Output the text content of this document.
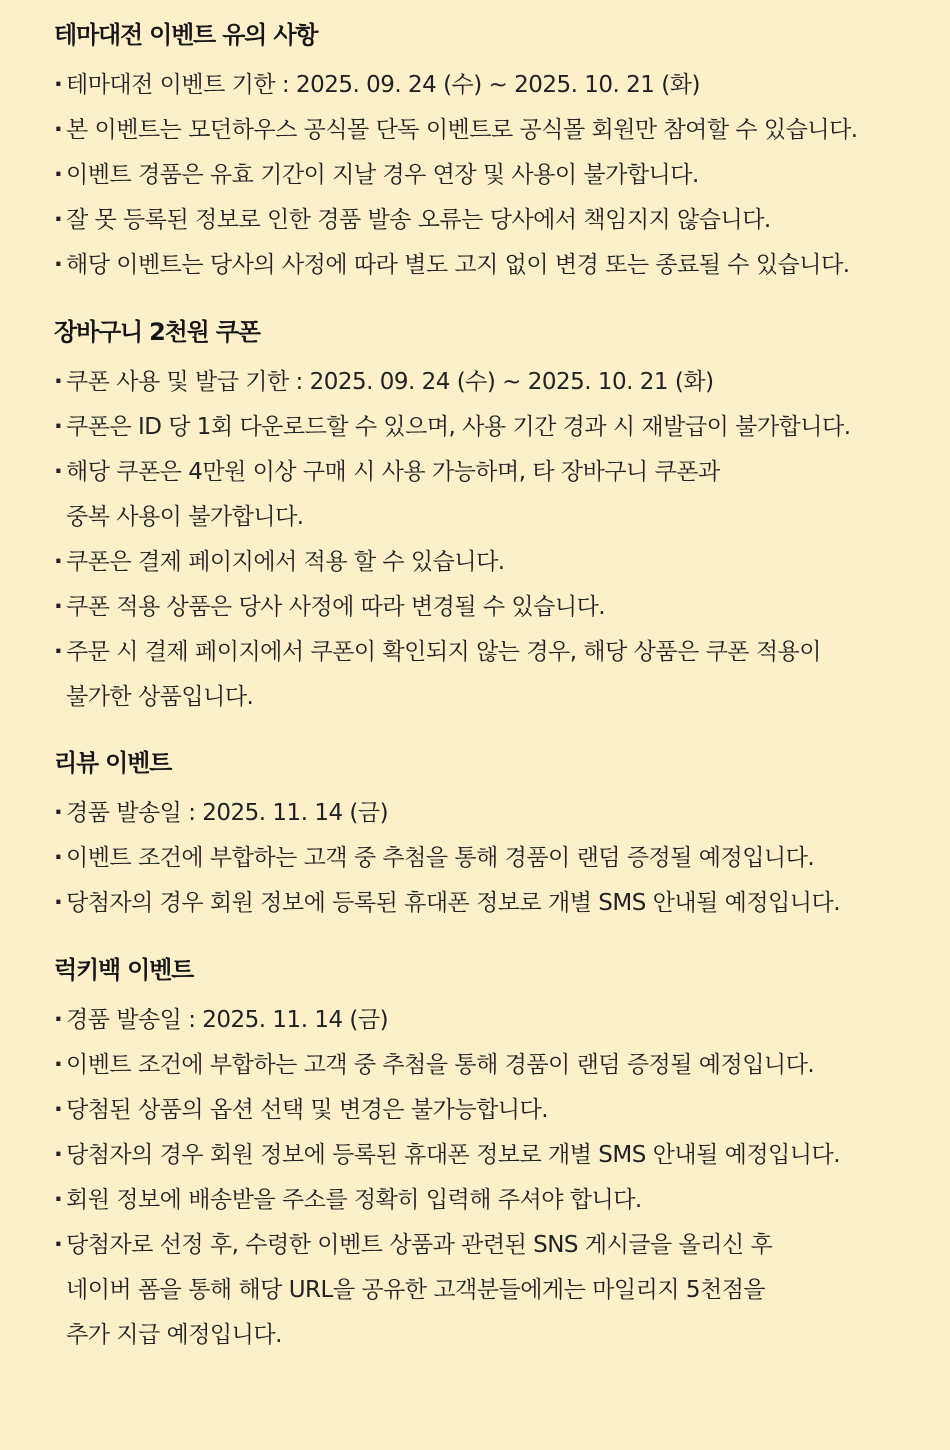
테마대전 이벤트 유의 사항
· 테마대전 이벤트 기한 : 2025. 09. 24 (수) ~ 2025. 10. 21 (화)
· 본 이벤트는 모던하우스 공식몰 단독 이벤트로 공식몰 회원만 참여할 수 있습니다.
· 이벤트 경품은 유효 기간이 지날 경우 연장 및 사용이 불가합니다.
· 잘 못 등록된 정보로 인한 경품 발송 오류는 당사에서 책임지지 않습니다.
· 해당 이벤트는 당사의 사정에 따라 별도 고지 없이 변경 또는 종료될 수 있습니다.
장바구니 2천원 쿠폰
· 쿠폰 사용 및 발급 기한 : 2025. 09. 24 (수) ~ 2025. 10. 21 (화)
· 쿠폰은 ID 당 1회 다운로드할 수 있으며, 사용 기간 경과 시 재발급이 불가합니다.
· 해당 쿠폰은 4만원 이상 구매 시 사용 가능하며, 타 장바구니 쿠폰과
중복 사용이 불가합니다.
· 쿠폰은 결제 페이지에서 적용 할 수 있습니다.
· 쿠폰 적용 상품은 당사 사정에 따라 변경될 수 있습니다.
· 주문 시 결제 페이지에서 쿠폰이 확인되지 않는 경우, 해당 상품은 쿠폰 적용이
불가한 상품입니다.
리뷰 이벤트
· 경품 발송일 : 2025. 11. 14 (금)
· 이벤트 조건에 부합하는 고객 중 추첨을 통해 경품이 랜덤 증정될 예정입니다.
· 당첨자의 경우 회원 정보에 등록된 휴대폰 정보로 개별 SMS 안내될 예정입니다.
럭키백 이벤트
· 경품 발송일 : 2025. 11. 14 (금)
· 이벤트 조건에 부합하는 고객 중 추첨을 통해 경품이 랜덤 증정될 예정입니다.
· 당첨된 상품의 옵션 선택 및 변경은 불가능합니다.
· 당첨자의 경우 회원 정보에 등록된 휴대폰 정보로 개별 SMS 안내될 예정입니다.
· 회원 정보에 배송받을 주소를 정확히 입력해 주셔야 합니다.
· 당첨자로 선정 후, 수령한 이벤트 상품과 관련된 SNS 게시글을 올리신 후
네이버 폼을 통해 해당 URL을 공유한 고객분들에게는 마일리지 5천점을
추가 지급 예정입니다.
